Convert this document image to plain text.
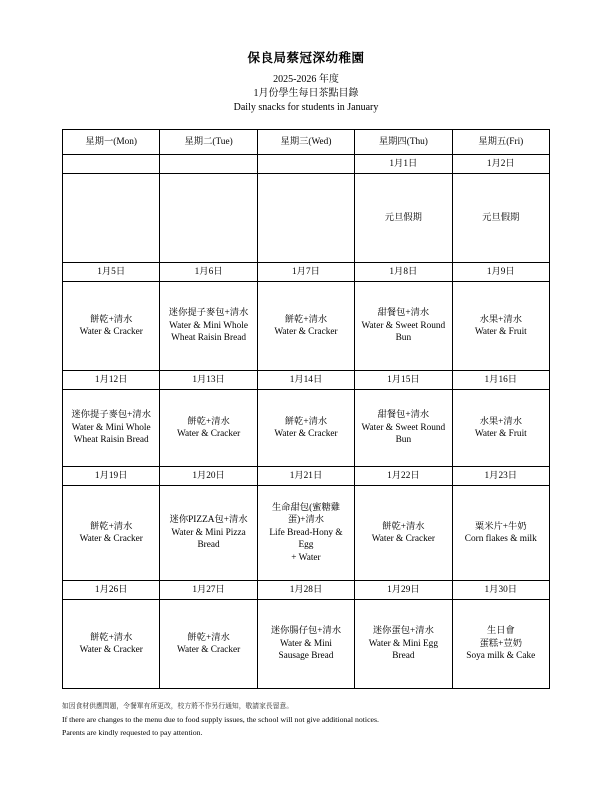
保良局蔡冠深幼稚園
2025-2026 年度
1月份學生每日茶點目錄
Daily snacks for students in January
星期一(Mon)	星期二(Tue)	星期三(Wed)	星期四(Thu)	星期五(Fri)
			1月1日	1月2日

			元旦假期	元旦假期

1月5日	1月6日	1月7日	1月8日	1月9日

餅乾+清水
Water & Cracker	迷你提子麥包+清水
Water & Mini Whole
Wheat Raisin Bread	餅乾+清水
Water & Cracker	甜餐包+清水
Water & Sweet Round
Bun	水果+清水
Water & Fruit

1月12日	1月13日	1月14日	1月15日	1月16日

迷你提子麥包+清水
Water & Mini Whole
Wheat Raisin Bread	餅乾+清水
Water & Cracker	餅乾+清水
Water & Cracker	甜餐包+清水
Water & Sweet Round
Bun	水果+清水
Water & Fruit

1月19日	1月20日	1月21日	1月22日	1月23日

餅乾+清水
Water & Cracker	迷你PIZZA包+清水
Water & Mini Pizza
Bread	生命甜包(蜜糖雞蛋)+清水
Life Bread-Hony &
Egg
+ Water	餅乾+清水
Water & Cracker	粟米片+牛奶
Corn flakes & milk

1月26日	1月27日	1月28日	1月29日	1月30日

餅乾+清水
Water & Cracker	餅乾+清水
Water & Cracker	迷你腸仔包+清水
Water & Mini
Sausage Bread	迷你蛋包+清水
Water & Mini Egg
Bread	生日會
蛋糕+荳奶
Soya milk & Cake
如因食材供應問題，令餐單有所更改，校方將不作另行通知，敬請家長留意。
If there are changes to the menu due to food supply issues, the school will not give additional notices.
Parents are kindly requested to pay attention.
